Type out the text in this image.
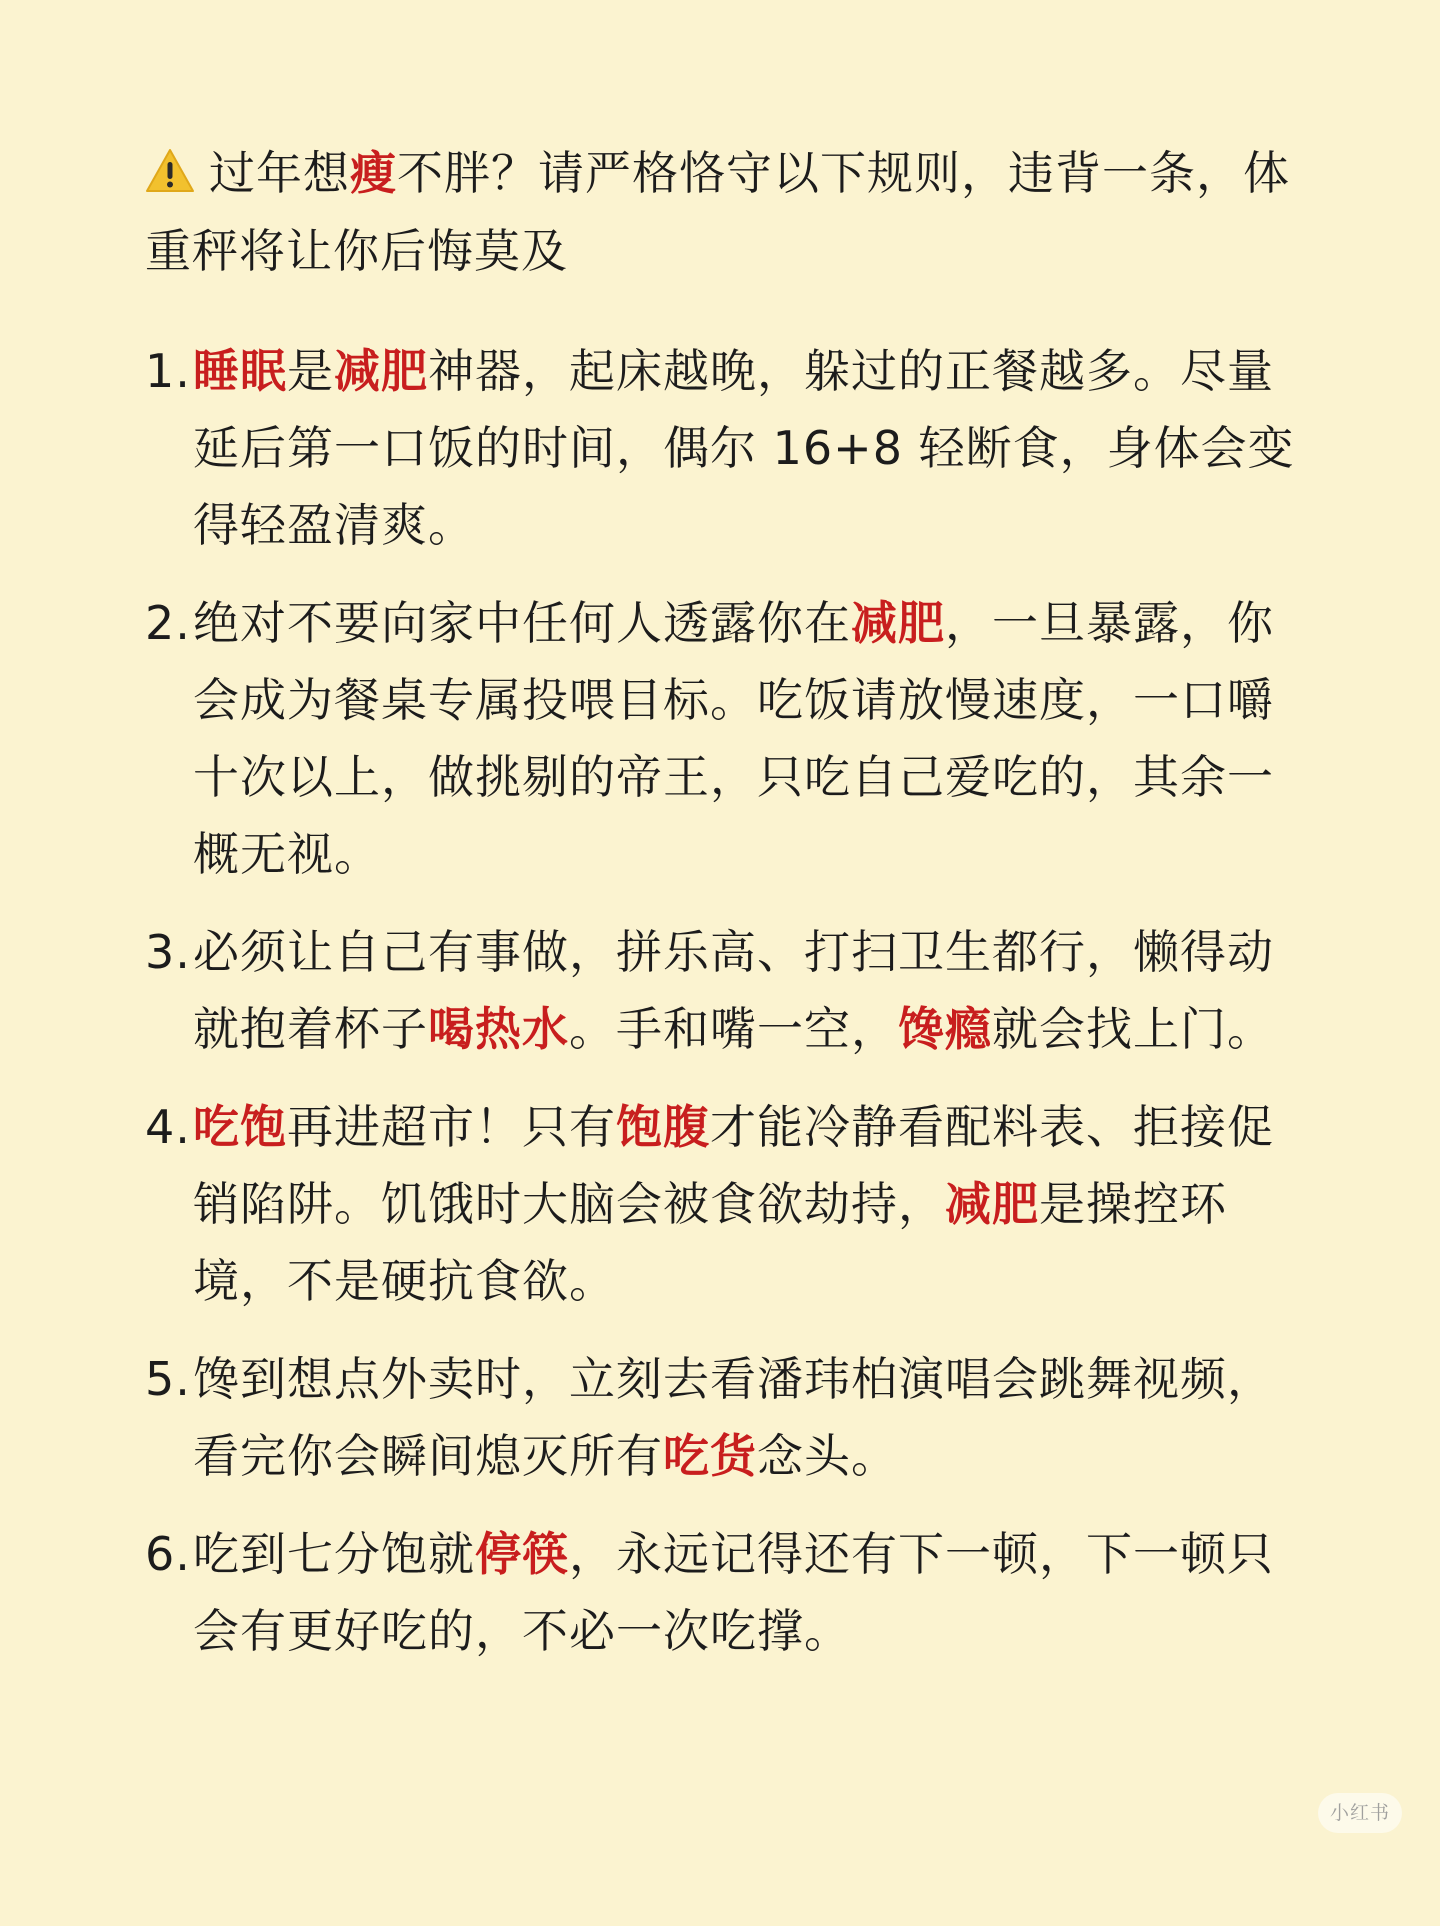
过年想瘦不胖？请严格恪守以下规则，违背一条，体重秤将让你后悔莫及
1.睡眠是减肥神器，起床越晚，躲过的正餐越多。尽量延后第一口饭的时间，偶尔 16+8 轻断食，身体会变得轻盈清爽。
2.绝对不要向家中任何人透露你在减肥，一旦暴露，你会成为餐桌专属投喂目标。吃饭请放慢速度，一口嚼十次以上，做挑剔的帝王，只吃自己爱吃的，其余一概无视。
3.必须让自己有事做，拼乐高、打扫卫生都行，懒得动就抱着杯子喝热水。手和嘴一空，馋瘾就会找上门。
4.吃饱再进超市！只有饱腹才能冷静看配料表、拒接促销陷阱。饥饿时大脑会被食欲劫持，减肥是操控环境，不是硬抗食欲。
5.馋到想点外卖时，立刻去看潘玮柏演唱会跳舞视频，看完你会瞬间熄灭所有吃货念头。
6.吃到七分饱就停筷，永远记得还有下一顿，下一顿只会有更好吃的，不必一次吃撑。
小红书
